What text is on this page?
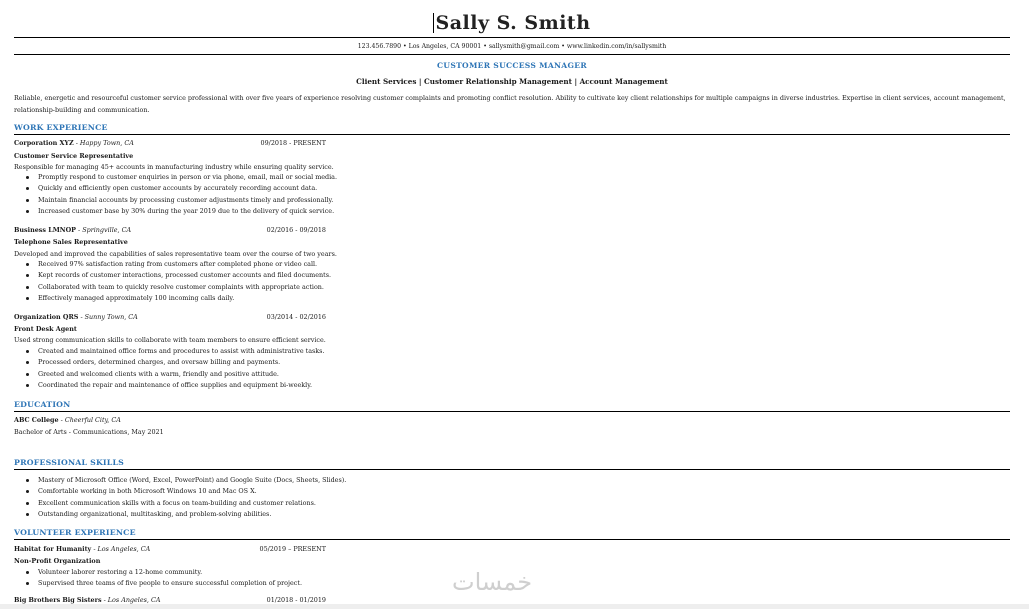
Sally S. Smith
123.456.7890 • Los Angeles, CA 90001 • sallysmith@gmail.com • www.linkedin.com/in/sallysmith
CUSTOMER SUCCESS MANAGER
Client Services | Customer Relationship Management | Account Management
Reliable, energetic and resourceful customer service professional with over five years of experience resolving customer complaints and promoting conflict resolution. Ability to cultivate key client relationships for multiple campaigns in diverse industries. Expertise in client services, account management, relationship-building and communication.
WORK EXPERIENCE
Corporation XYZ - Happy Town, CA	09/2018 - PRESENT
Customer Service Representative
Responsible for managing 45+ accounts in manufacturing industry while ensuring quality service.
Promptly respond to customer enquiries in person or via phone, email, mail or social media.
Quickly and efficiently open customer accounts by accurately recording account data.
Maintain financial accounts by processing customer adjustments timely and professionally.
Increased customer base by 30% during the year 2019 due to the delivery of quick service.
Business LMNOP - Springville, CA	02/2016 - 09/2018
Telephone Sales Representative
Developed and improved the capabilities of sales representative team over the course of two years.
Received 97% satisfaction rating from customers after completed phone or video call.
Kept records of customer interactions, processed customer accounts and filed documents.
Collaborated with team to quickly resolve customer complaints with appropriate action.
Effectively managed approximately 100 incoming calls daily.
Organization QRS - Sunny Town, CA	03/2014 - 02/2016
Front Desk Agent
Used strong communication skills to collaborate with team members to ensure efficient service.
Created and maintained office forms and procedures to assist with administrative tasks.
Processed orders, determined charges, and oversaw billing and payments.
Greeted and welcomed clients with a warm, friendly and positive attitude.
Coordinated the repair and maintenance of office supplies and equipment bi-weekly.
EDUCATION
ABC College - Cheerful City, CA
Bachelor of Arts - Communications, May 2021
PROFESSIONAL SKILLS
Mastery of Microsoft Office (Word, Excel, PowerPoint) and Google Suite (Docs, Sheets, Slides).
Comfortable working in both Microsoft Windows 10 and Mac OS X.
Excellent communication skills with a focus on team-building and customer relations.
Outstanding organizational, multitasking, and problem-solving abilities.
VOLUNTEER EXPERIENCE
Habitat for Humanity - Los Angeles, CA	05/2019 – PRESENT
Non-Profit Organization
Volunteer laborer restoring a 12-home community.
Supervised three teams of five people to ensure successful completion of project.
Big Brothers Big Sisters - Los Angeles, CA	01/2018 - 01/2019
خمسات
